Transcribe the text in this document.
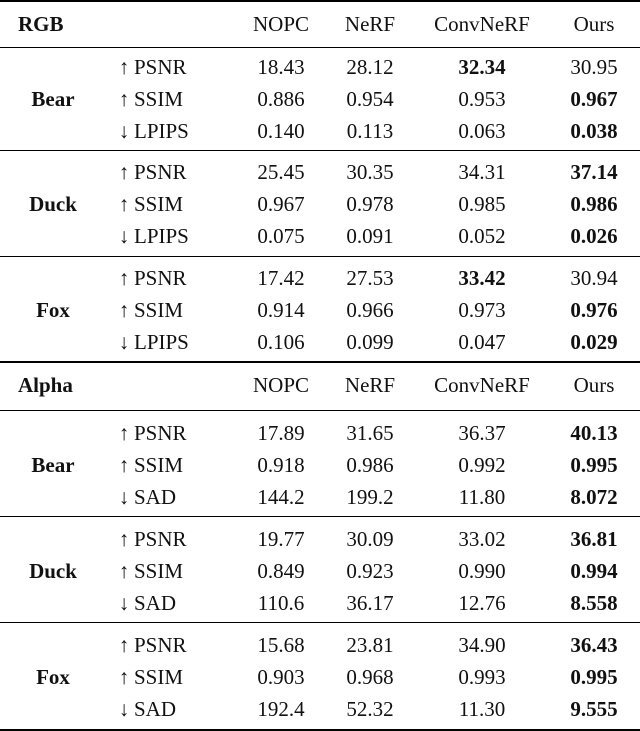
RGB	NOPC	NeRF	ConvNeRF	Ours
Bear
↑ PSNR	18.43	28.12	32.34	30.95
↑ SSIM	0.886	0.954	0.953	0.967
↓ LPIPS	0.140	0.113	0.063	0.038
Duck
↑ PSNR	25.45	30.35	34.31	37.14
↑ SSIM	0.967	0.978	0.985	0.986
↓ LPIPS	0.075	0.091	0.052	0.026
Fox
↑ PSNR	17.42	27.53	33.42	30.94
↑ SSIM	0.914	0.966	0.973	0.976
↓ LPIPS	0.106	0.099	0.047	0.029
Alpha	NOPC	NeRF	ConvNeRF	Ours
Bear
↑ PSNR	17.89	31.65	36.37	40.13
↑ SSIM	0.918	0.986	0.992	0.995
↓ SAD	144.2	199.2	11.80	8.072
Duck
↑ PSNR	19.77	30.09	33.02	36.81
↑ SSIM	0.849	0.923	0.990	0.994
↓ SAD	110.6	36.17	12.76	8.558
Fox
↑ PSNR	15.68	23.81	34.90	36.43
↑ SSIM	0.903	0.968	0.993	0.995
↓ SAD	192.4	52.32	11.30	9.555
